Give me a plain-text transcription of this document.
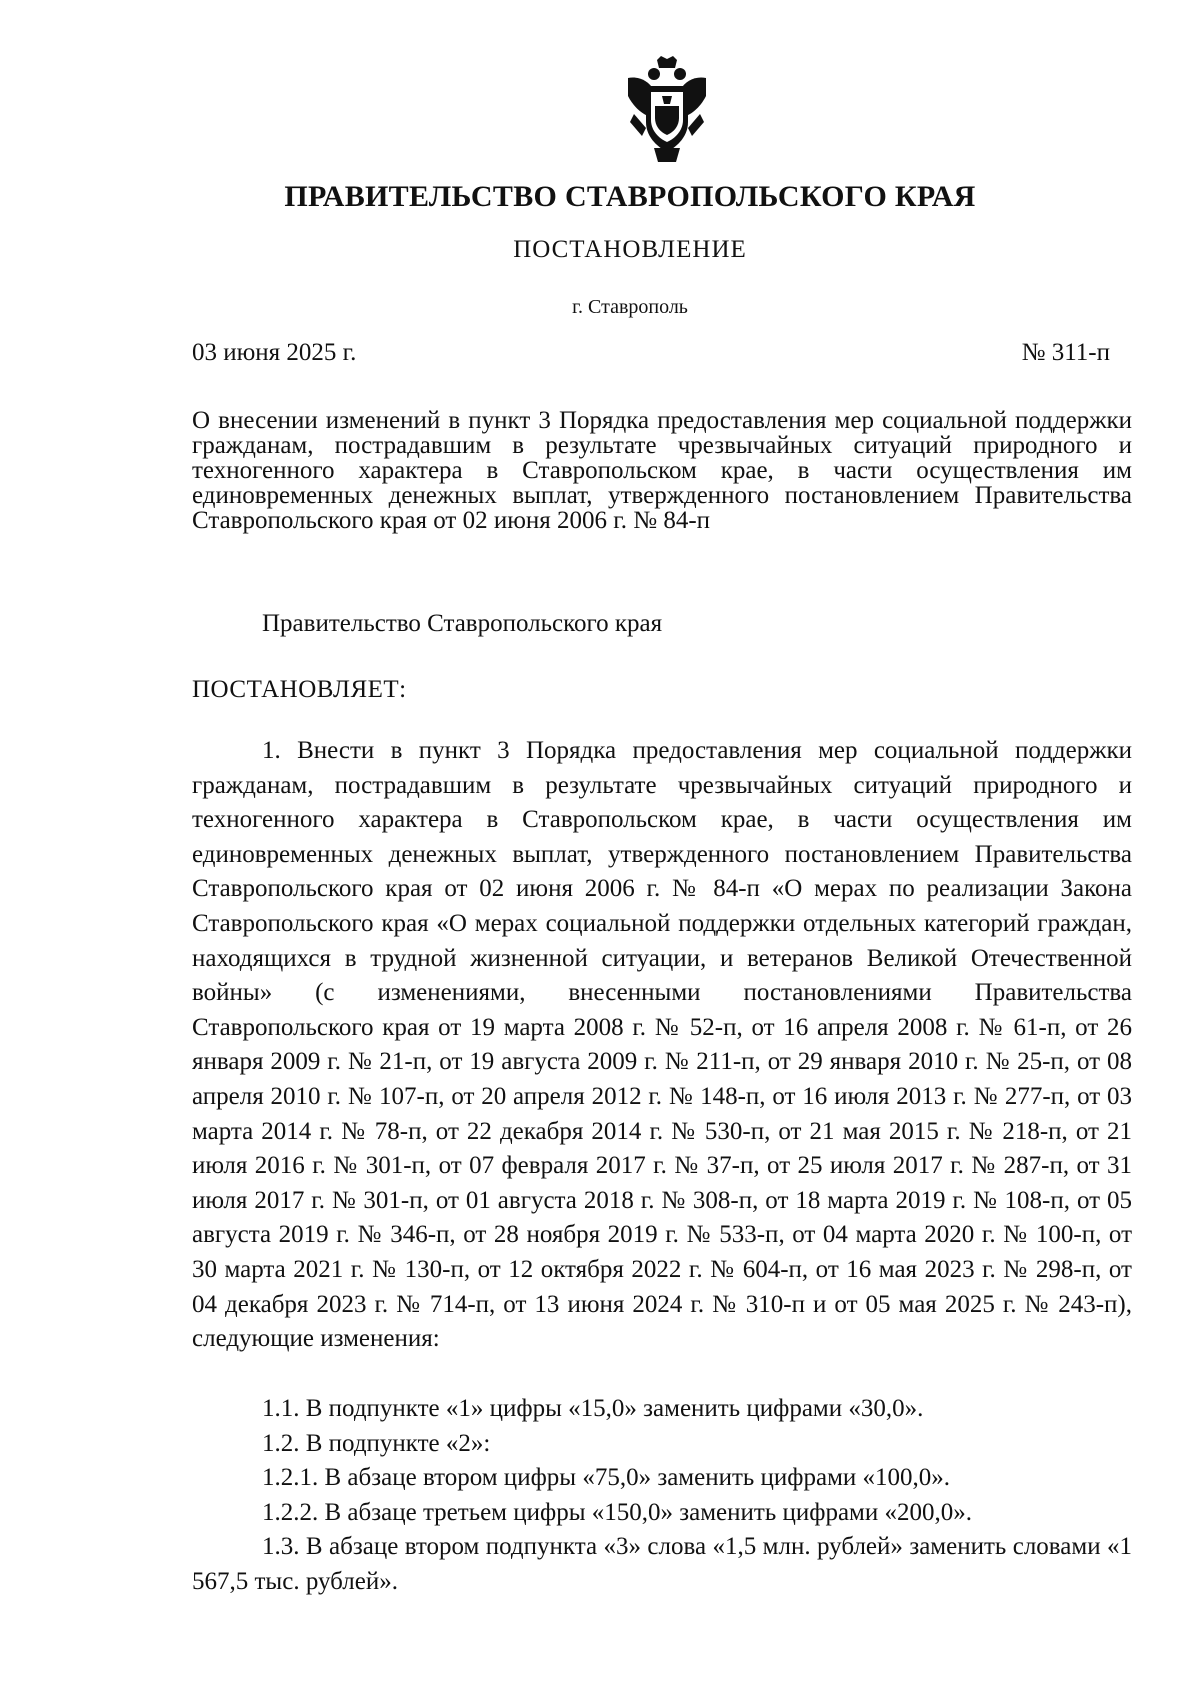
ПРАВИТЕЛЬСТВО СТАВРОПОЛЬСКОГО КРАЯ
ПОСТАНОВЛЕНИЕ
г. Ставрополь
03 июня 2025 г.	№ 311-п
О внесении изменений в пункт 3 Порядка предоставления мер социальной поддержки гражданам, пострадавшим в результате чрезвычайных ситуаций природного и техногенного характера в Ставропольском крае, в части осуществления им единовременных денежных выплат, утвержденного постановлением Правительства Ставропольского края от 02 июня 2006 г. № 84-п
Правительство Ставропольского края
ПОСТАНОВЛЯЕТ:
1. Внести в пункт 3 Порядка предоставления мер социальной поддержки гражданам, пострадавшим в результате чрезвычайных ситуаций природного и техногенного характера в Ставропольском крае, в части осуществления им единовременных денежных выплат, утвержденного постановлением Правительства Ставропольского края от 02 июня 2006 г. № 84-п «О мерах по реализации Закона Ставропольского края «О мерах социальной поддержки отдельных категорий граждан, находящихся в трудной жизненной ситуации, и ветеранов Великой Отечественной войны» (с изменениями, внесенными постановлениями Правительства Ставропольского края от 19 марта 2008 г. № 52-п, от 16 апреля 2008 г. № 61-п, от 26 января 2009 г. № 21-п, от 19 августа 2009 г. № 211-п, от 29 января 2010 г. № 25-п, от 08 апреля 2010 г. № 107-п, от 20 апреля 2012 г. № 148-п, от 16 июля 2013 г. № 277-п, от 03 марта 2014 г. № 78-п, от 22 декабря 2014 г. № 530-п, от 21 мая 2015 г. № 218-п, от 21 июля 2016 г. № 301-п, от 07 февраля 2017 г. № 37-п, от 25 июля 2017 г. № 287-п, от 31 июля 2017 г. № 301-п, от 01 августа 2018 г. № 308-п, от 18 марта 2019 г. № 108-п, от 05 августа 2019 г. № 346-п, от 28 ноября 2019 г. № 533-п, от 04 марта 2020 г. № 100-п, от 30 марта 2021 г. № 130-п, от 12 октября 2022 г. № 604-п, от 16 мая 2023 г. № 298-п, от 04 декабря 2023 г. № 714-п, от 13 июня 2024 г. № 310-п и от 05 мая 2025 г. № 243-п), следующие изменения:

1.1. В подпункте «1» цифры «15,0» заменить цифрами «30,0».

1.2. В подпункте «2»:

1.2.1. В абзаце втором цифры «75,0» заменить цифрами «100,0».

1.2.2. В абзаце третьем цифры «150,0» заменить цифрами «200,0».

1.3. В абзаце втором подпункта «3» слова «1,5 млн. рублей» заменить словами «1 567,5 тыс. рублей».
